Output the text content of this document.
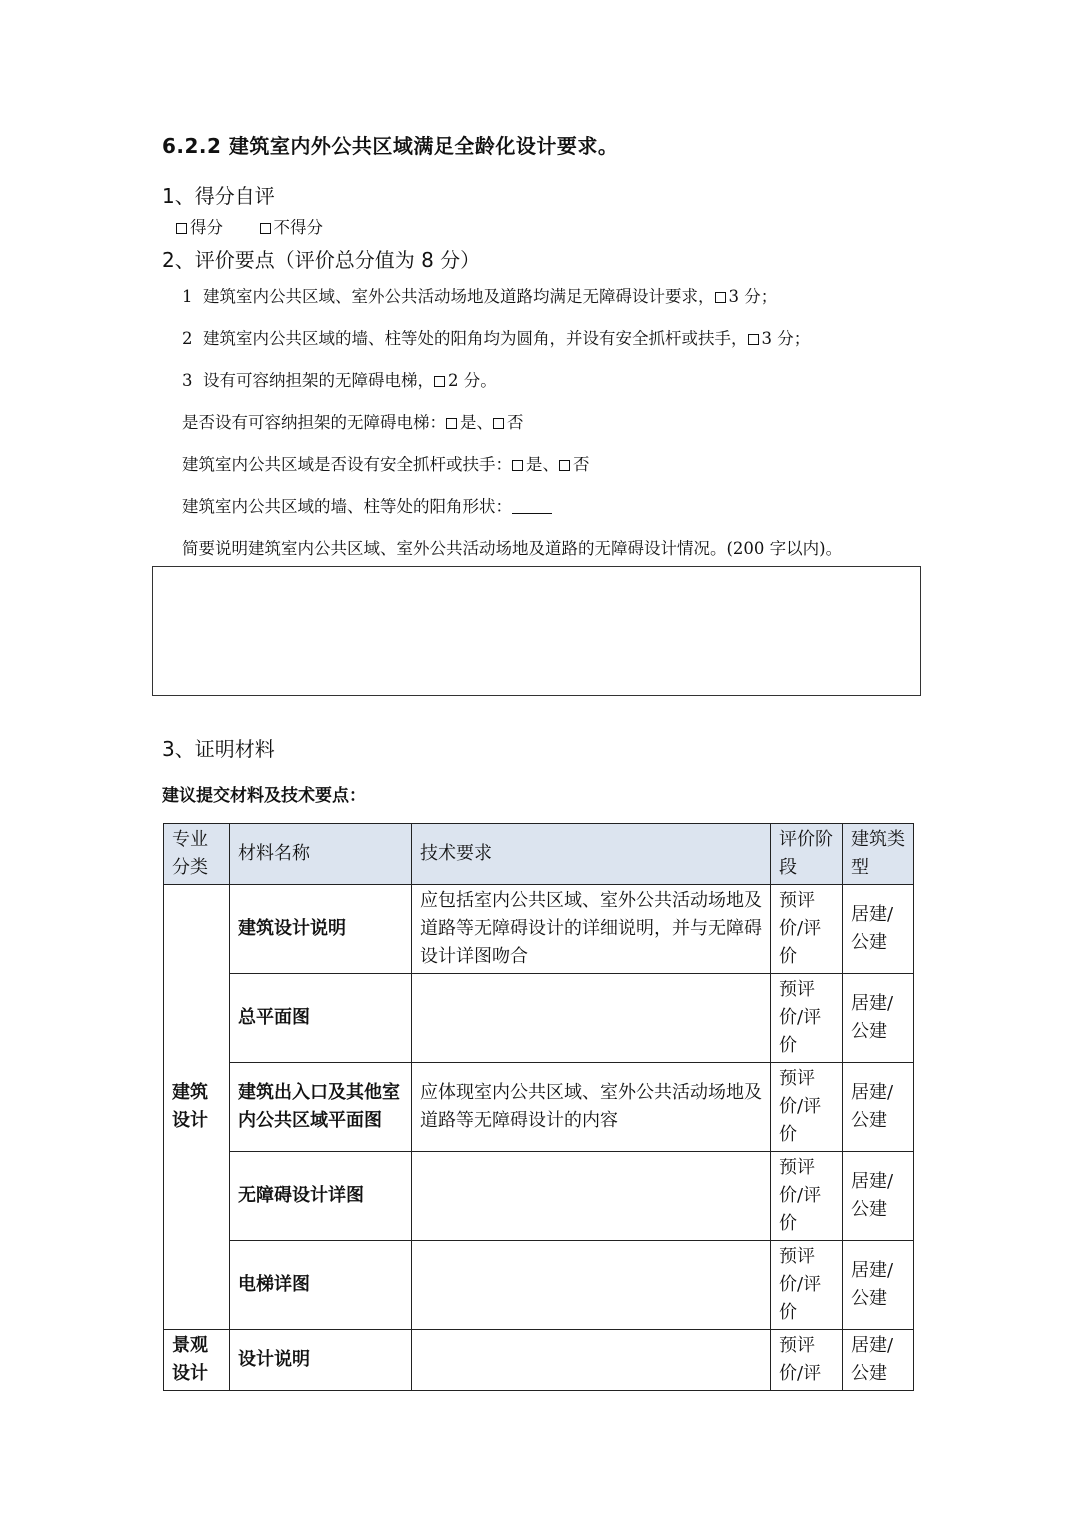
6.2.2 建筑室内外公共区域满足全龄化设计要求。
1、得分自评
得分	不得分
2、评价要点（评价总分值为 8 分）
1 建筑室内公共区域、室外公共活动场地及道路均满足无障碍设计要求， 3 分；
2 建筑室内公共区域的墙、柱等处的阳角均为圆角，并设有安全抓杆或扶手， 3 分；
3 设有可容纳担架的无障碍电梯， 2 分。
是否设有可容纳担架的无障碍电梯： 是、 否
建筑室内公共区域是否设有安全抓杆或扶手： 是、 否
建筑室内公共区域的墙、柱等处的阳角形状：
简要说明建筑室内公共区域、室外公共活动场地及道路的无障碍设计情况。(200 字以内)。
3、证明材料
建议提交材料及技术要点：
专业分类	材料名称	技术要求	评价阶段	建筑类型
建筑设计	建筑设计说明	应包括室内公共区域、室外公共活动场地及道路等无障碍设计的详细说明，并与无障碍设计详图吻合	预评价/评价	居建/公建
	总平面图		预评价/评价	居建/公建
	建筑出入口及其他室内公共区域平面图	应体现室内公共区域、室外公共活动场地及道路等无障碍设计的内容	预评价/评价	居建/公建
	无障碍设计详图		预评价/评价	居建/公建
	电梯详图		预评价/评价	居建/公建
景观设计	设计说明		预评价/评	居建/公建
